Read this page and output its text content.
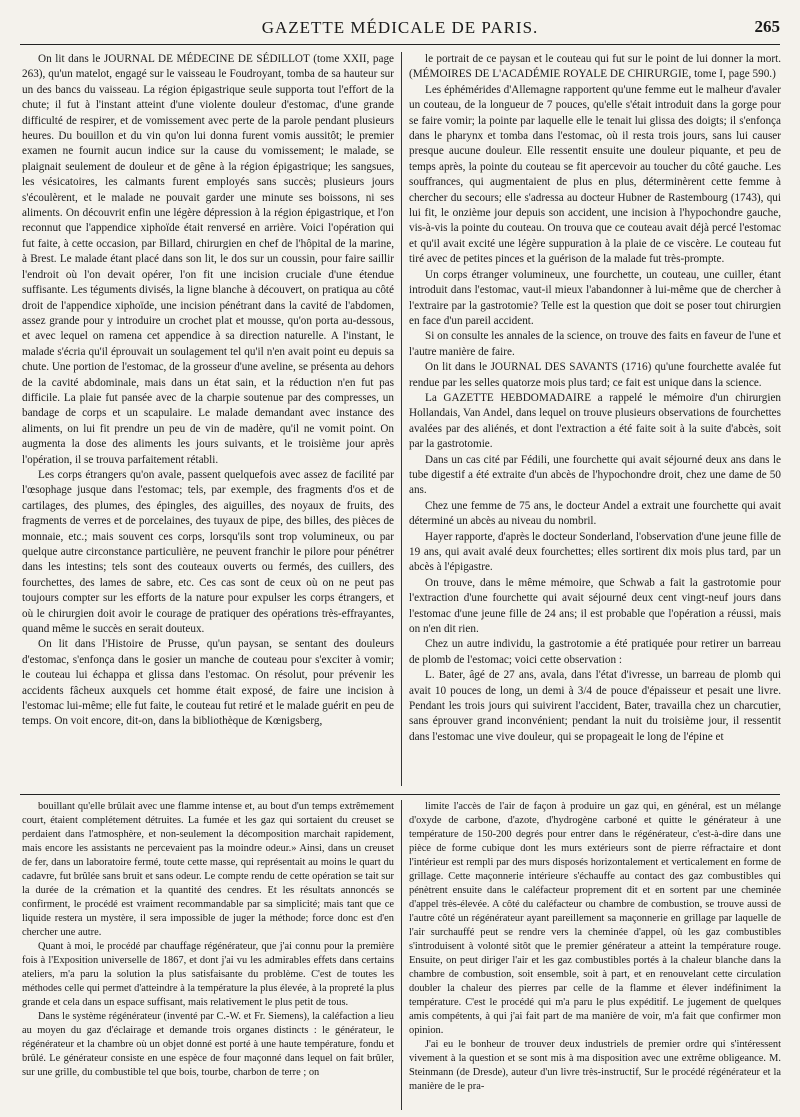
GAZETTE MÉDICALE DE PARIS.	265

On lit dans le JOURNAL DE MÉDECINE DE SÉDILLOT (tome XXII, page 263), qu'un matelot, engagé sur le vaisseau le Foudroyant, tomba de sa hauteur sur un des bancs du vaisseau. La région épigastrique seule supporta tout l'effort de la chute; il fut à l'instant atteint d'une violente douleur d'estomac, d'une grande difficulté de respirer, et de vomissement avec perte de la parole pendant plusieurs heures. Du bouillon et du vin qu'on lui donna furent vomis aussitôt; le premier examen ne fournit aucun indice sur la cause du vomissement; le malade, se plaignait seulement de douleur et de gêne à la région épigastrique; les sangsues, les vésicatoires, les calmants furent employés sans succès; plusieurs jours s'écoulèrent, et le malade ne pouvait garder une minute ses boissons, ni ses aliments. On découvrit enfin une légère dépression à la région épigastrique, et l'on reconnut que l'appendice xiphoïde était renversé en arrière. Voici l'opération qui fut faite, à cette occasion, par Billard, chirurgien en chef de l'hôpital de la marine, à Brest. Le malade étant placé dans son lit, le dos sur un coussin, pour faire saillir l'endroit où l'on devait opérer, l'on fit une incision cruciale d'une étendue suffisante. Les téguments divisés, la ligne blanche à découvert, on pratiqua au côté droit de l'appendice xiphoïde, une incision pénétrant dans la cavité de l'abdomen, assez grande pour y introduire un crochet plat et mousse, qu'on porta au-dessous, et avec lequel on ramena cet appendice à sa direction naturelle. A l'instant, le malade s'écria qu'il éprouvait un soulagement tel qu'il n'en avait point eu depuis sa chute. Une portion de l'estomac, de la grosseur d'une aveline, se présenta au dehors de la cavité abdominale, mais dans un état sain, et la réduction n'en fut pas difficile. La plaie fut pansée avec de la charpie soutenue par des compresses, un bandage de corps et un scapulaire. Le malade demandant avec instance des aliments, on lui fit prendre un peu de vin de madère, qu'il ne vomit point. On augmenta la dose des aliments les jours suivants, et le troisième jour après l'opération, il se trouva parfaitement rétabli.

Les corps étrangers qu'on avale, passent quelquefois avec assez de facilité par l'œsophage jusque dans l'estomac; tels, par exemple, des fragments d'os et de cartilages, des plumes, des épingles, des aiguilles, des noyaux de fruits, des fragments de verres et de porcelaines, des tuyaux de pipe, des billes, des pièces de monnaie, etc.; mais souvent ces corps, lorsqu'ils sont trop volumineux, ou par quelque autre circonstance particulière, ne peuvent franchir le pilore pour pénétrer dans les intestins; tels sont des couteaux ouverts ou fermés, des cuillers, des fourchettes, des lames de sabre, etc. Ces cas sont de ceux où on ne peut pas toujours compter sur les efforts de la nature pour expulser les corps étrangers, et où le chirurgien doit avoir le courage de pratiquer des opérations très-effrayantes, quand même le succès en serait douteux.

On lit dans l'Histoire de Prusse, qu'un paysan, se sentant des douleurs d'estomac, s'enfonça dans le gosier un manche de couteau pour s'exciter à vomir; le couteau lui échappa et glissa dans l'estomac. On résolut, pour prévenir les accidents fâcheux auxquels cet homme était exposé, de faire une incision à l'estomac lui-même; elle fut faite, le couteau fut retiré et le malade guérit en peu de temps. On voit encore, dit-on, dans la bibliothèque de Kœnigsberg,

le portrait de ce paysan et le couteau qui fut sur le point de lui donner la mort. (MÉMOIRES DE L'ACADÉMIE ROYALE DE CHIRURGIE, tome I, page 590.)

Les éphémérides d'Allemagne rapportent qu'une femme eut le malheur d'avaler un couteau, de la longueur de 7 pouces, qu'elle s'était introduit dans la gorge pour se faire vomir; la pointe par laquelle elle le tenait lui glissa des doigts; il s'enfonça dans le pharynx et tomba dans l'estomac, où il resta trois jours, sans lui causer presque aucune douleur. Elle ressentit ensuite une douleur piquante, et peu de temps après, la pointe du couteau se fit apercevoir au toucher du côté gauche. Les souffrances, qui augmentaient de plus en plus, déterminèrent cette femme à chercher du secours; elle s'adressa au docteur Hubner de Rastembourg (1743), qui lui fit, le onzième jour depuis son accident, une incision à l'hypochondre gauche, vis-à-vis la pointe du couteau. On trouva que ce couteau avait déjà percé l'estomac et qu'il avait excité une légère suppuration à la plaie de ce viscère. Le couteau fut tiré avec de petites pinces et la guérison de la malade fut très-prompte.

Un corps étranger volumineux, une fourchette, un couteau, une cuiller, étant introduit dans l'estomac, vaut-il mieux l'abandonner à lui-même que de chercher à l'extraire par la gastrotomie? Telle est la question que doit se poser tout chirurgien en face d'un pareil accident.

Si on consulte les annales de la science, on trouve des faits en faveur de l'une et l'autre manière de faire.

On lit dans le JOURNAL DES SAVANTS (1716) qu'une fourchette avalée fut rendue par les selles quatorze mois plus tard; ce fait est unique dans la science.

La GAZETTE HEBDOMADAIRE a rappelé le mémoire d'un chirurgien Hollandais, Van Andel, dans lequel on trouve plusieurs observations de fourchettes avalées par des aliénés, et dont l'extraction a été faite soit à la suite d'abcès, soit par la gastrotomie.

Dans un cas cité par Fédili, une fourchette qui avait séjourné deux ans dans le tube digestif a été extraite d'un abcès de l'hypochondre droit, chez une dame de 50 ans.

Chez une femme de 75 ans, le docteur Andel a extrait une fourchette qui avait déterminé un abcès au niveau du nombril.

Hayer rapporte, d'après le docteur Sonderland, l'observation d'une jeune fille de 19 ans, qui avait avalé deux fourchettes; elles sortirent dix mois plus tard, par un abcès à l'épigastre.

On trouve, dans le même mémoire, que Schwab a fait la gastrotomie pour l'extraction d'une fourchette qui avait séjourné deux cent vingt-neuf jours dans l'estomac d'une jeune fille de 24 ans; il est probable que l'opération a réussi, mais on n'en dit rien.

Chez un autre individu, la gastrotomie a été pratiquée pour retirer un barreau de plomb de l'estomac; voici cette observation :

L. Bater, âgé de 27 ans, avala, dans l'état d'ivresse, un barreau de plomb qui avait 10 pouces de long, un demi à 3/4 de pouce d'épaisseur et pesait une livre. Pendant les trois jours qui suivirent l'accident, Bater, travailla chez un charcutier, sans éprouver grand inconvénient; pendant la nuit du troisième jour, il ressentit dans l'estomac une vive douleur, qui se propageait le long de l'épine et

bouillant qu'elle brûlait avec une flamme intense et, au bout d'un temps extrêmement court, étaient complétement détruites. La fumée et les gaz qui sortaient du creuset se perdaient dans l'atmosphère, et non-seulement la décomposition marchait rapidement, mais encore les assistants ne percevaient pas la moindre odeur.» Ainsi, dans un creuset de fer, dans un laboratoire fermé, toute cette masse, qui représentait au moins le quart du cadavre, fut brûlée sans bruit et sans odeur. Le compte rendu de cette opération se tait sur la durée de la crémation et la quantité des cendres. Et les résultats annoncés se confirment, le procédé est vraiment recommandable par sa simplicité; mais tant que ce liquide restera un mystère, il sera impossible de juger la méthode; force donc est d'en chercher une autre.

Quant à moi, le procédé par chauffage régénérateur, que j'ai connu pour la première fois à l'Exposition universelle de 1867, et dont j'ai vu les admirables effets dans certains ateliers, m'a paru la solution la plus satisfaisante du problème. C'est de toutes les méthodes celle qui permet d'atteindre à la température la plus élevée, à la propreté la plus grande et cela dans un espace suffisant, mais relativement le plus petit de tous.

Dans le système régénérateur (inventé par C.-W. et Fr. Siemens), la caléfaction a lieu au moyen du gaz d'éclairage et demande trois organes distincts : le générateur, le régénérateur et la chambre où un objet donné est porté à une haute température, fondu et brûlé. Le générateur consiste en une espèce de four maçonné dans lequel on fait brûler, sur une grille, du combustible tel que bois, tourbe, charbon de terre ; on

limite l'accès de l'air de façon à produire un gaz qui, en général, est un mélange d'oxyde de carbone, d'azote, d'hydrogène carboné et quitte le générateur à une température de 150-200 degrés pour entrer dans le régénérateur, c'est-à-dire dans une pièce de forme cubique dont les murs extérieurs sont de pierre réfractaire et dont l'intérieur est rempli par des murs disposés horizontalement et verticalement en forme de grillage. Cette maçonnerie intérieure s'échauffe au contact des gaz combustibles qui pénètrent ensuite dans le caléfacteur proprement dit et en sortent par une cheminée d'appel très-élevée. A côté du caléfacteur ou chambre de combustion, se trouve aussi de l'autre côté un régénérateur ayant pareillement sa maçonnerie en grillage par laquelle de l'air surchauffé peut se rendre vers la cheminée d'appel, où les gaz combustibles s'introduisent à volonté sitôt que le premier générateur a atteint la température rouge. Ensuite, on peut diriger l'air et les gaz combustibles portés à la chaleur blanche dans la chambre de combustion, soit ensemble, soit à part, et en renouvelant cette circulation doubler la chaleur des pierres par celle de la flamme et élever indéfiniment la température. C'est le procédé qui m'a paru le plus expéditif. Le jugement de quelques amis compétents, à qui j'ai fait part de ma manière de voir, m'a fait que confirmer mon opinion.

J'ai eu le bonheur de trouver deux industriels de premier ordre qui s'intéressent vivement à la question et se sont mis à ma disposition avec une extrême obligeance. M. Steinmann (de Dresde), auteur d'un livre très-instructif, Sur le procédé régénérateur et la manière de le pra-
